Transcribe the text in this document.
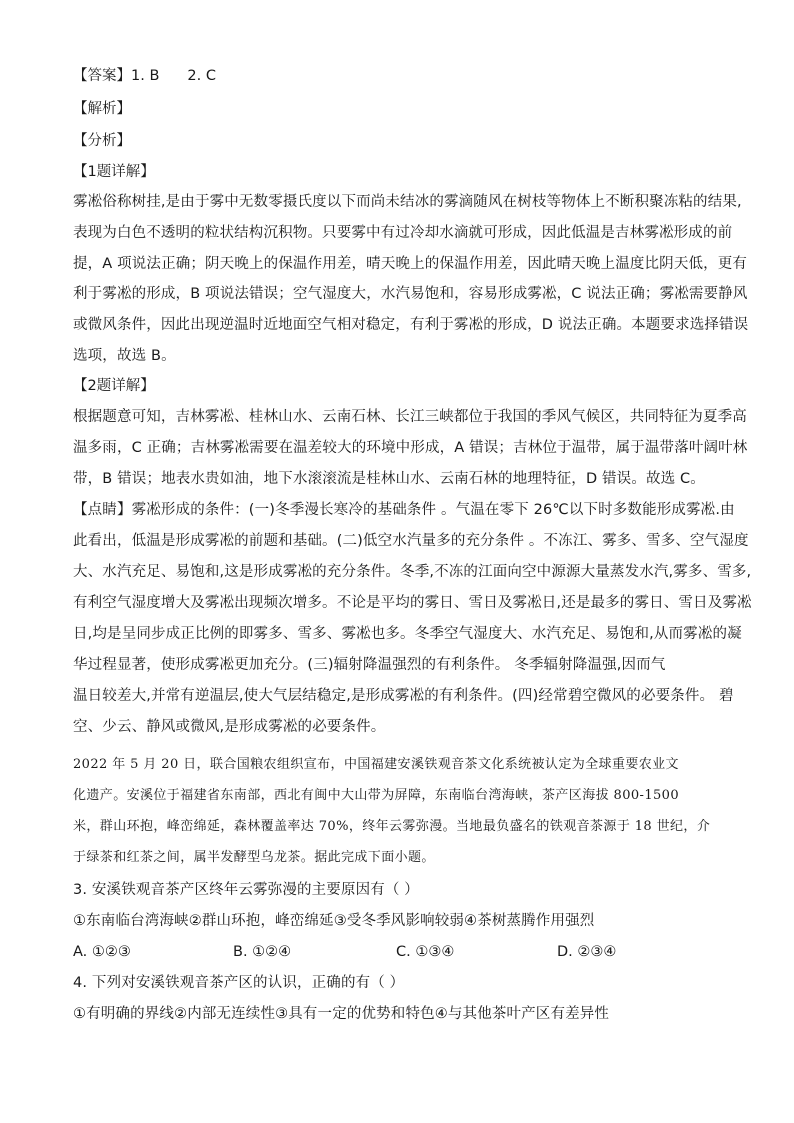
【答案】1. B 2. C
【解析】
【分析】
【1题详解】
雾凇俗称树挂,是由于雾中无数零摄氏度以下而尚未结冰的雾滴随风在树枝等物体上不断积聚冻粘的结果,
表现为白色不透明的粒状结构沉积物。只要雾中有过冷却水滴就可形成，因此低温是吉林雾凇形成的前
提，A 项说法正确；阴天晚上的保温作用差，晴天晚上的保温作用差，因此晴天晚上温度比阴天低，更有
利于雾凇的形成，B 项说法错误；空气湿度大，水汽易饱和，容易形成雾凇，C 说法正确；雾凇需要静风
或微风条件，因此出现逆温时近地面空气相对稳定，有利于雾凇的形成，D 说法正确。本题要求选择错误
选项，故选 B。
【2题详解】
根据题意可知，吉林雾凇、桂林山水、云南石林、长江三峡都位于我国的季风气候区，共同特征为夏季高
温多雨，C 正确；吉林雾凇需要在温差较大的环境中形成，A 错误；吉林位于温带，属于温带落叶阔叶林
带，B 错误；地表水贵如油，地下水滚滚流是桂林山水、云南石林的地理特征，D 错误。故选 C。
【点睛】雾凇形成的条件：(一)冬季漫长寒冷的基础条件 。气温在零下 26℃以下时多数能形成雾凇.由
此看出，低温是形成雾凇的前题和基础。(二)低空水汽量多的充分条件 。不冻江、雾多、雪多、空气湿度
大、水汽充足、易饱和,这是形成雾凇的充分条件。冬季,不冻的江面向空中源源大量蒸发水汽,雾多、雪多,
有利空气湿度增大及雾凇出现频次增多。不论是平均的雾日、雪日及雾凇日,还是最多的雾日、雪日及雾凇
日,均是呈同步成正比例的即雾多、雪多、雾凇也多。冬季空气湿度大、水汽充足、易饱和,从而雾凇的凝
华过程显著，使形成雾凇更加充分。(三)辐射降温强烈的有利条件。 冬季辐射降温强,因而气
温日较差大,并常有逆温层,使大气层结稳定,是形成雾凇的有利条件。(四)经常碧空微风的必要条件。 碧
空、少云、静风或微风,是形成雾凇的必要条件。
2022 年 5 月 20 日，联合国粮农组织宣布，中国福建安溪铁观音茶文化系统被认定为全球重要农业文
化遗产。安溪位于福建省东南部，西北有闽中大山带为屏障，东南临台湾海峡，茶产区海拔 800-1500
米，群山环抱，峰峦绵延，森林覆盖率达 70%，终年云雾弥漫。当地最负盛名的铁观音茶源于 18 世纪，介
于绿茶和红茶之间，属半发酵型乌龙茶。据此完成下面小题。
3. 安溪铁观音茶产区终年云雾弥漫的主要原因有（ ）
①东南临台湾海峡②群山环抱，峰峦绵延③受冬季风影响较弱④茶树蒸腾作用强烈
A. ①②③	B. ①②④	C. ①③④	D. ②③④
4. 下列对安溪铁观音茶产区的认识，正确的有（ ）
①有明确的界线②内部无连续性③具有一定的优势和特色④与其他茶叶产区有差异性
